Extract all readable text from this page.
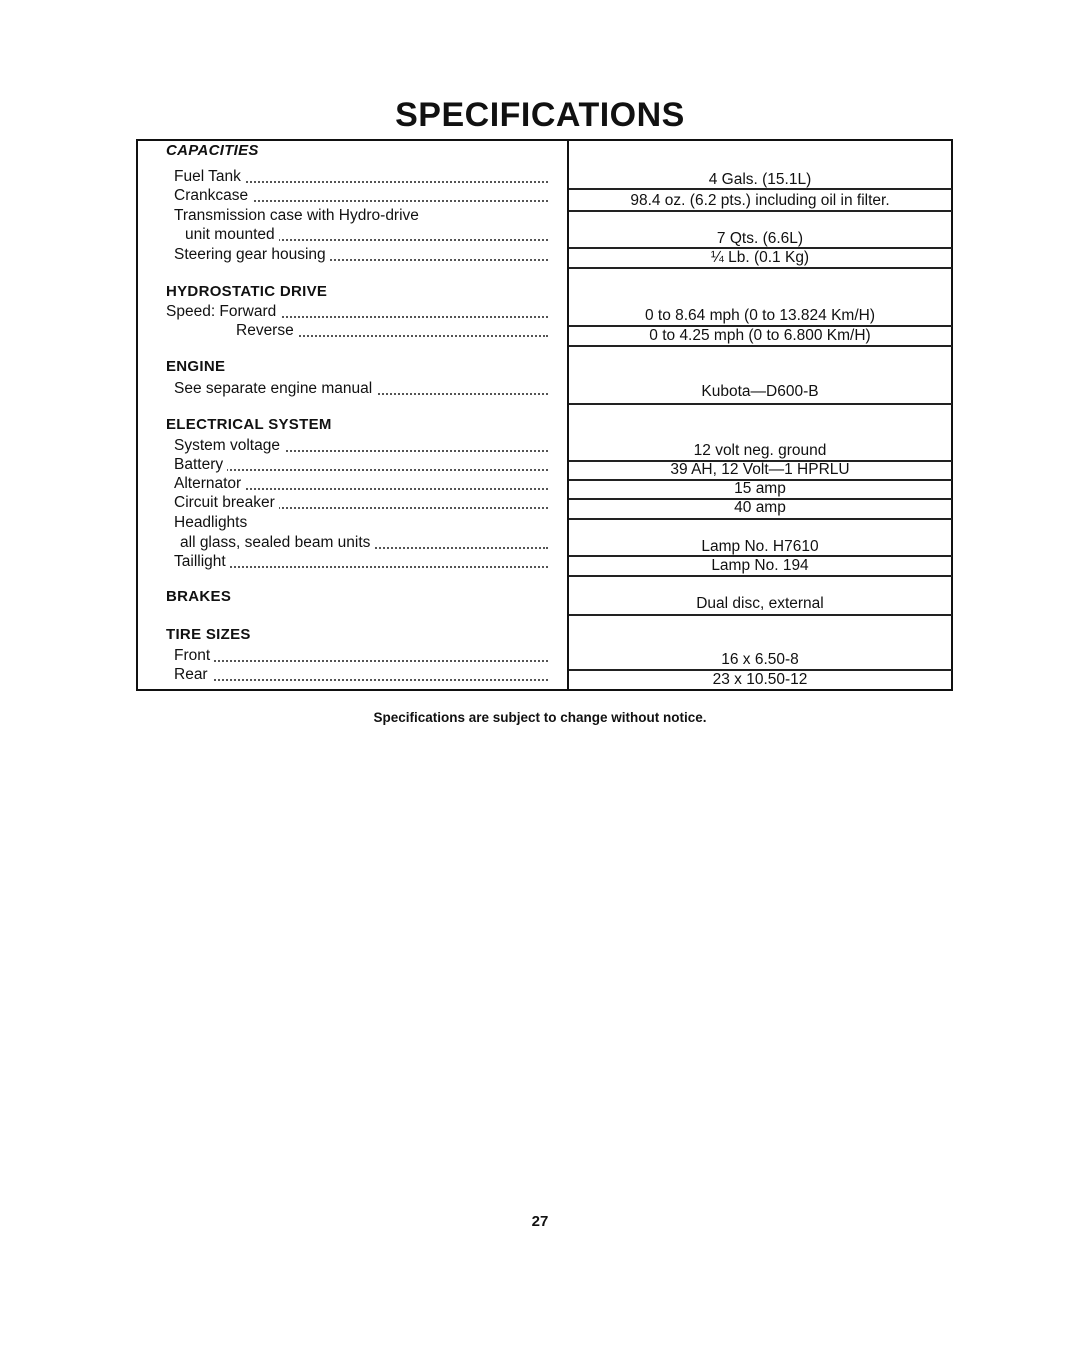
SPECIFICATIONS
CAPACITIES
Fuel Tank
Crankcase
Transmission case with Hydro-drive
unit mounted
Steering gear housing
4 Gals. (15.1L)
98.4 oz. (6.2 pts.) including oil in filter.
7 Qts. (6.6L)
¼ Lb. (0.1 Kg)
HYDROSTATIC DRIVE
Speed: Forward
Reverse
0 to 8.64 mph (0 to 13.824 Km/H)
0 to 4.25 mph (0 to 6.800 Km/H)
ENGINE
See separate engine manual	Kubota—D600-B
ELECTRICAL SYSTEM
System voltage
Battery
Alternator
Circuit breaker
Headlights
all glass, sealed beam units
Taillight
12 volt neg. ground
39 AH, 12 Volt—1 HPRLU
15 amp
40 amp
Lamp No. H7610
Lamp No. 194
BRAKES	Dual disc, external
TIRE SIZES
Front
Rear
16 x 6.50-8
23 x 10.50-12
Specifications are subject to change without notice.
27
